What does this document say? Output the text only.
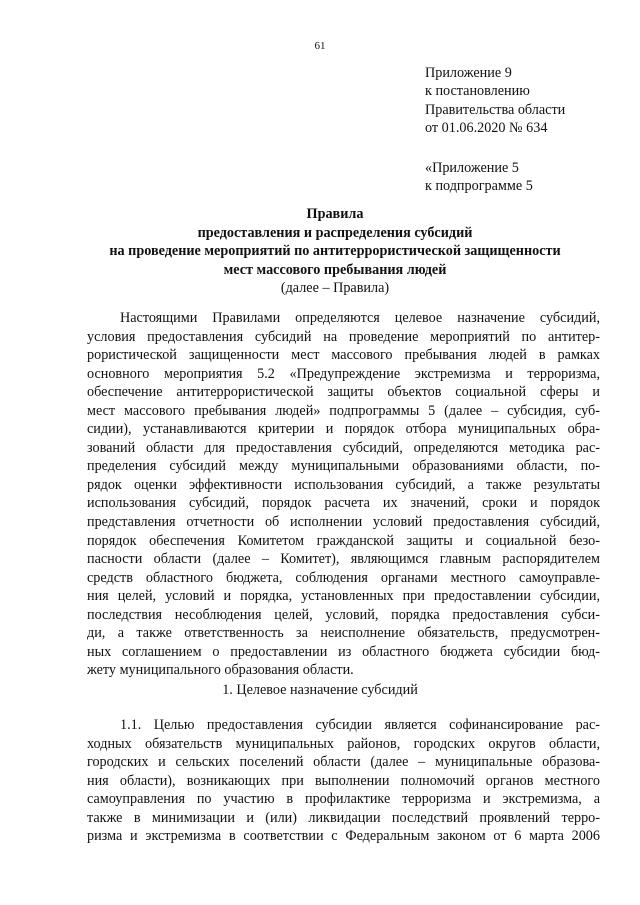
61
Приложение 9
к постановлению
Правительства области
от 01.06.2020 № 634
«Приложение 5
к подпрограмме 5
Правила
предоставления и распределения субсидий
на проведение мероприятий по антитеррористической защищенности
мест массового пребывания людей
(далее – Правила)
Настоящими Правилами определяются целевое назначение субсидий,
условия предоставления субсидий на проведение мероприятий по антитер-
рористической защищенности мест массового пребывания людей в рамках
основного мероприятия 5.2 «Предупреждение экстремизма и терроризма,
обеспечение антитеррористической защиты объектов социальной сферы и
мест массового пребывания людей» подпрограммы 5 (далее – субсидия, суб-
сидии), устанавливаются критерии и порядок отбора муниципальных обра-
зований области для предоставления субсидий, определяются методика рас-
пределения субсидий между муниципальными образованиями области, по-
рядок оценки эффективности использования субсидий, а также результаты
использования субсидий, порядок расчета их значений, сроки и порядок
представления отчетности об исполнении условий предоставления субсидий,
порядок обеспечения Комитетом гражданской защиты и социальной безо-
пасности области (далее – Комитет), являющимся главным распорядителем
средств областного бюджета, соблюдения органами местного самоуправле-
ния целей, условий и порядка, установленных при предоставлении субсидии,
последствия несоблюдения целей, условий, порядка предоставления субси-
ди, а также ответственность за неисполнение обязательств, предусмотрен-
ных соглашением о предоставлении из областного бюджета субсидии бюд-
жету муниципального образования области.
1. Целевое назначение субсидий
1.1. Целью предоставления субсидии является софинансирование рас-
ходных обязательств муниципальных районов, городских округов области,
городских и сельских поселений области (далее – муниципальные образова-
ния области), возникающих при выполнении полномочий органов местного
самоуправления по участию в профилактике терроризма и экстремизма, а
также в минимизации и (или) ликвидации последствий проявлений терро-
ризма и экстремизма в соответствии с Федеральным законом от 6 марта 2006
